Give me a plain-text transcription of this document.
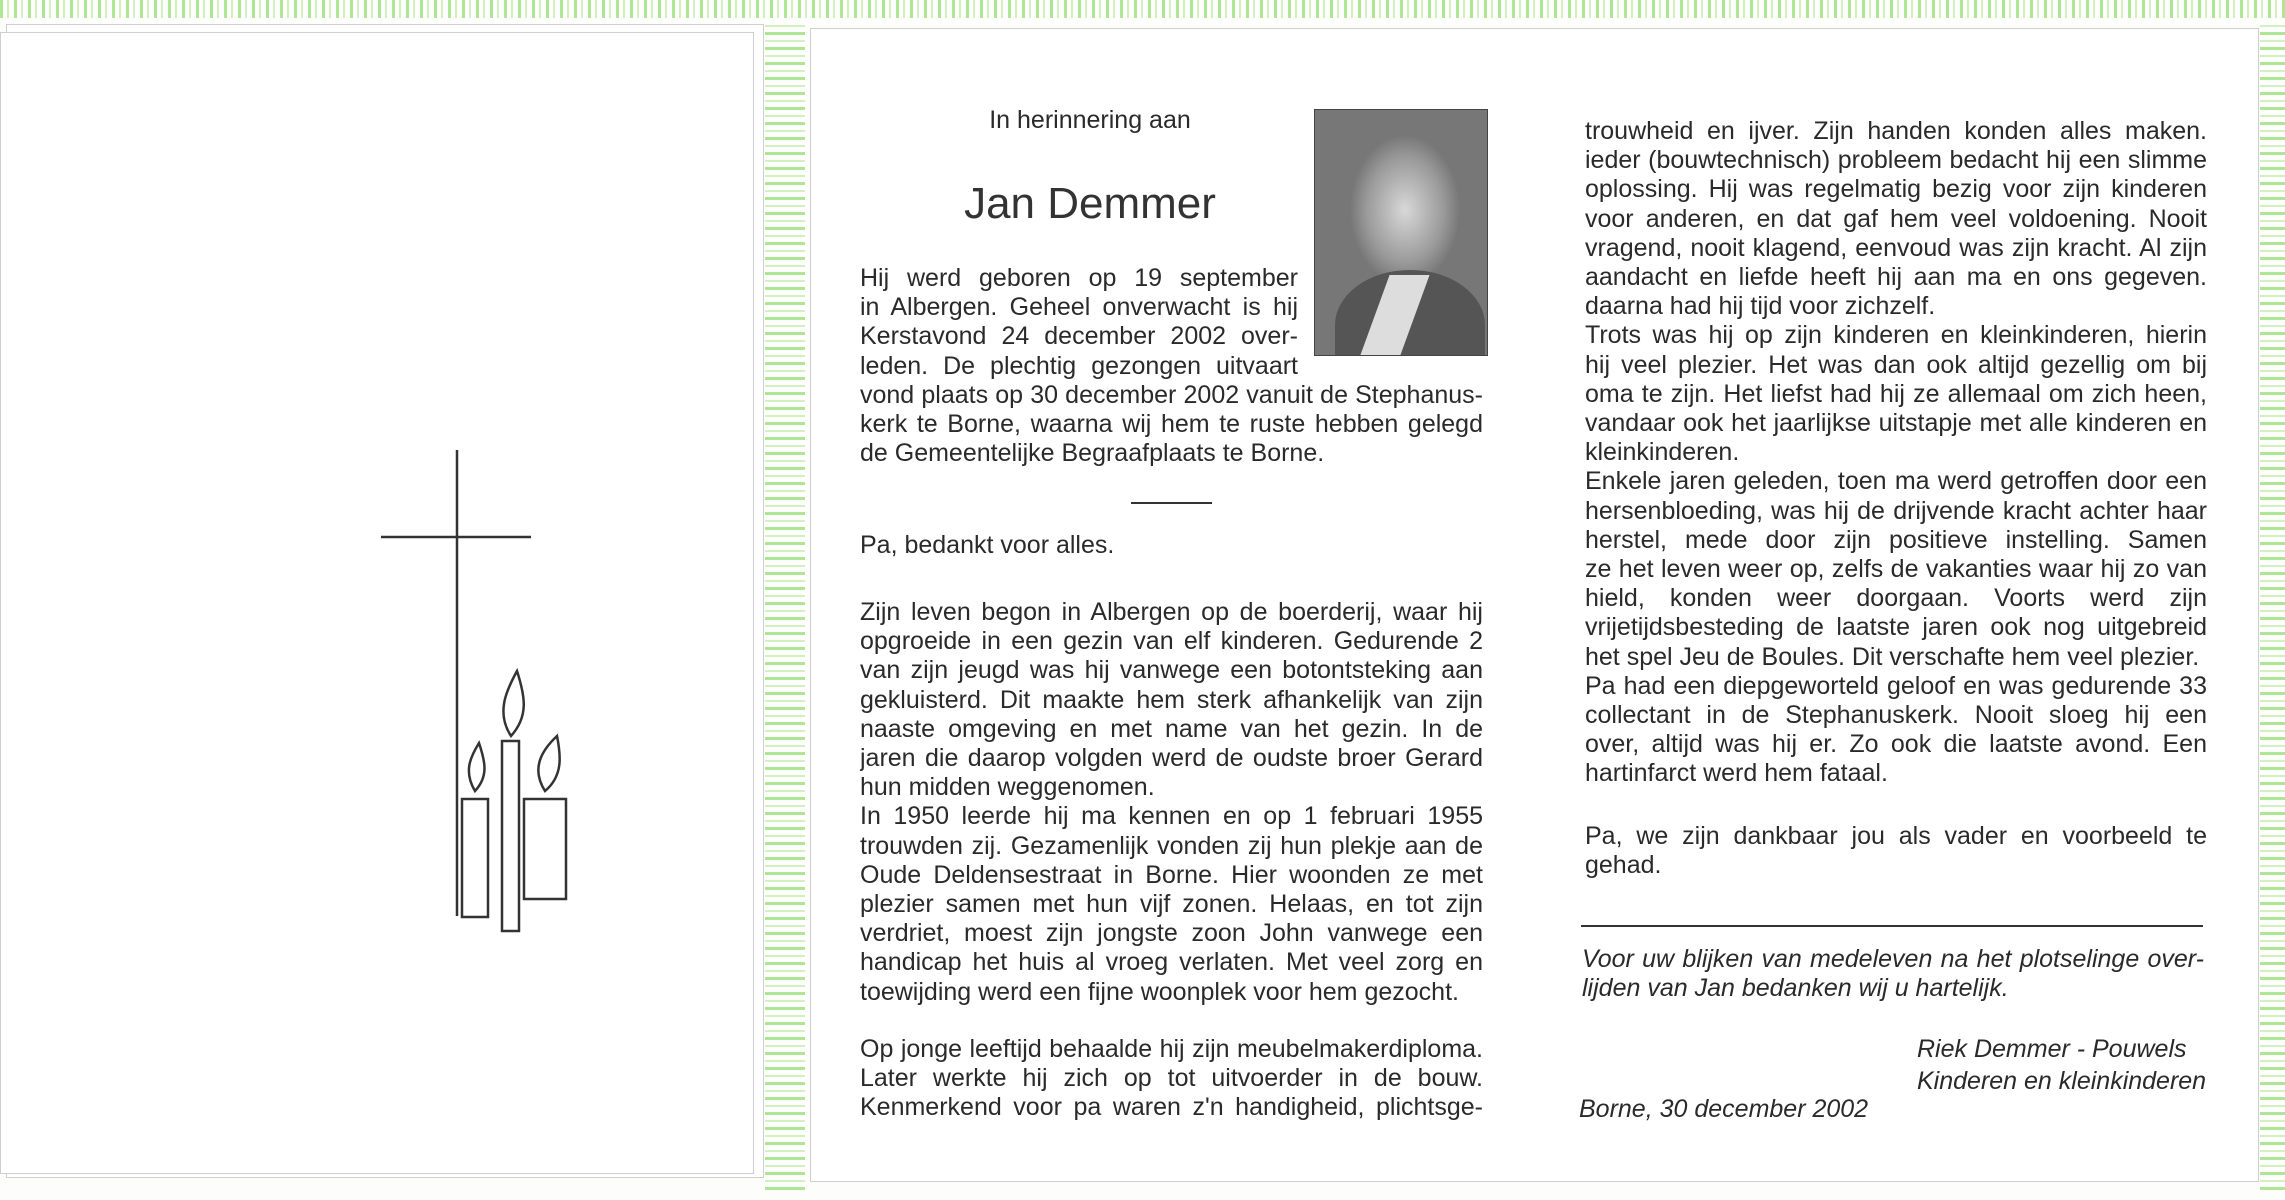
In herinnering aan
Jan Demmer
Hij werd geboren op 19 september
in Albergen. Geheel onverwacht is hij
Kerstavond 24 december 2002 over-
leden. De plechtig gezongen uitvaart
vond plaats op 30 december 2002 vanuit de Stephanus-
kerk te Borne, waarna wij hem te ruste hebben gelegd
de Gemeentelijke Begraafplaats te Borne.
Pa, bedankt voor alles.
Zijn leven begon in Albergen op de boerderij, waar hij
opgroeide in een gezin van elf kinderen. Gedurende 2
van zijn jeugd was hij vanwege een botontsteking aan
gekluisterd. Dit maakte hem sterk afhankelijk van zijn
naaste omgeving en met name van het gezin. In de
jaren die daarop volgden werd de oudste broer Gerard
hun midden weggenomen.
In 1950 leerde hij ma kennen en op 1 februari 1955
trouwden zij. Gezamenlijk vonden zij hun plekje aan de
Oude Deldensestraat in Borne. Hier woonden ze met
plezier samen met hun vijf zonen. Helaas, en tot zijn
verdriet, moest zijn jongste zoon John vanwege een
handicap het huis al vroeg verlaten. Met veel zorg en
toewijding werd een fijne woonplek voor hem gezocht.
Op jonge leeftijd behaalde hij zijn meubelmakerdiploma.
Later werkte hij zich op tot uitvoerder in de bouw.
Kenmerkend voor pa waren z'n handigheid, plichtsge-
trouwheid en ijver. Zijn handen konden alles maken.
ieder (bouwtechnisch) probleem bedacht hij een slimme
oplossing. Hij was regelmatig bezig voor zijn kinderen
voor anderen, en dat gaf hem veel voldoening. Nooit
vragend, nooit klagend, eenvoud was zijn kracht. Al zijn
aandacht en liefde heeft hij aan ma en ons gegeven.
daarna had hij tijd voor zichzelf.
Trots was hij op zijn kinderen en kleinkinderen, hierin
hij veel plezier. Het was dan ook altijd gezellig om bij
oma te zijn. Het liefst had hij ze allemaal om zich heen,
vandaar ook het jaarlijkse uitstapje met alle kinderen en
kleinkinderen.
Enkele jaren geleden, toen ma werd getroffen door een
hersenbloeding, was hij de drijvende kracht achter haar
herstel, mede door zijn positieve instelling. Samen
ze het leven weer op, zelfs de vakanties waar hij zo van
hield, konden weer doorgaan. Voorts werd zijn
vrijetijdsbesteding de laatste jaren ook nog uitgebreid
het spel Jeu de Boules. Dit verschafte hem veel plezier.
Pa had een diepgeworteld geloof en was gedurende 33
collectant in de Stephanuskerk. Nooit sloeg hij een
over, altijd was hij er. Zo ook die laatste avond. Een
hartinfarct werd hem fataal.
Pa, we zijn dankbaar jou als vader en voorbeeld te
gehad.
Voor uw blijken van medeleven na het plotselinge over-
lijden van Jan bedanken wij u hartelijk.
Riek Demmer - Pouwels
Kinderen en kleinkinderen
Borne, 30 december 2002
